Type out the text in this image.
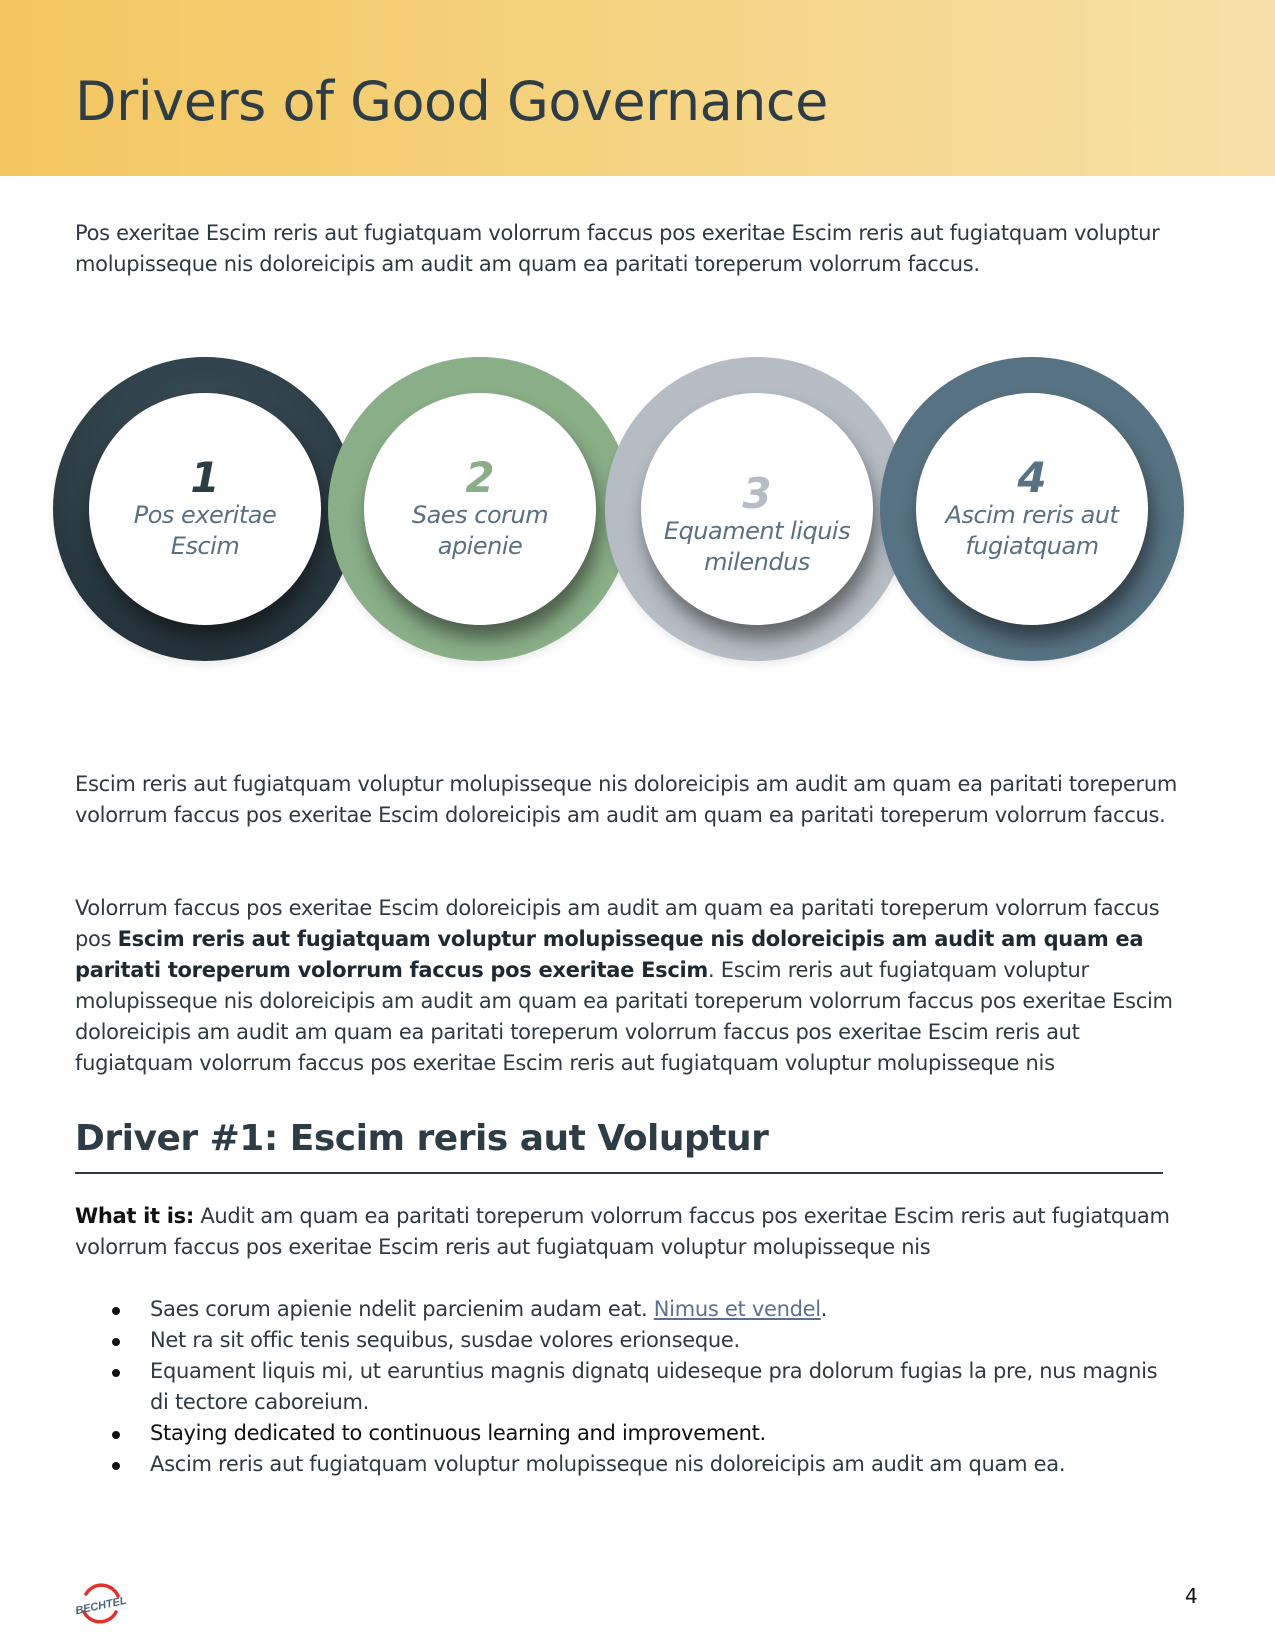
Drivers of Good Governance

Pos exeritae Escim reris aut fugiatquam volorrum faccus pos exeritae Escim reris aut fugiatquam voluptur molupisseque nis doloreicipis am audit am quam ea paritati toreperum volorrum faccus.

1
Pos exeritae Escim
2
Saes corum apienie
3
Equament liquis milendus
4
Ascim reris aut fugiatquam

Escim reris aut fugiatquam voluptur molupisseque nis doloreicipis am audit am quam ea paritati toreperum volorrum faccus pos exeritae Escim doloreicipis am audit am quam ea paritati toreperum volorrum faccus.

Volorrum faccus pos exeritae Escim doloreicipis am audit am quam ea paritati toreperum volorrum faccus pos Escim reris aut fugiatquam voluptur molupisseque nis doloreicipis am audit am quam ea paritati toreperum volorrum faccus pos exeritae Escim. Escim reris aut fugiatquam voluptur molupisseque nis doloreicipis am audit am quam ea paritati toreperum volorrum faccus pos exeritae Escim doloreicipis am audit am quam ea paritati toreperum volorrum faccus pos exeritae Escim reris aut fugiatquam volorrum faccus pos exeritae Escim reris aut fugiatquam voluptur molupisseque nis

Driver #1: Escim reris aut Voluptur

What it is: Audit am quam ea paritati toreperum volorrum faccus pos exeritae Escim reris aut fugiatquam volorrum faccus pos exeritae Escim reris aut fugiatquam voluptur molupisseque nis

Saes corum apienie ndelit parcienim audam eat. Nimus et vendel.
Net ra sit offic tenis sequibus, susdae volores erionseque.
Equament liquis mi, ut earuntius magnis dignatq uideseque pra dolorum fugias la pre, nus magnis di tectore caboreium.
Staying dedicated to continuous learning and improvement.
Ascim reris aut fugiatquam voluptur molupisseque nis doloreicipis am audit am quam ea.
BECHTEL	4
